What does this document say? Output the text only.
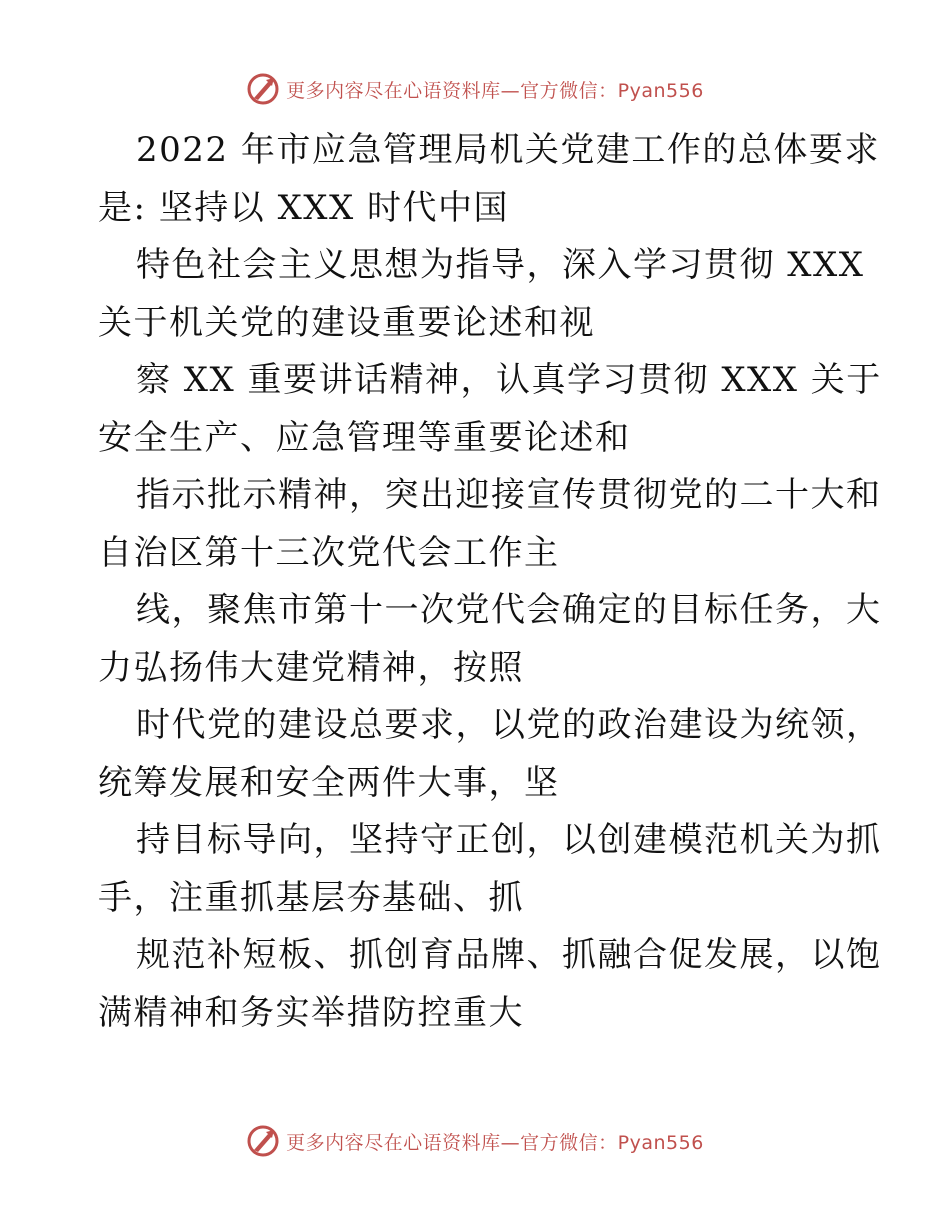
更多内容尽在心语资料库—官方微信：Pyan556
2022 年市应急管理局机关党建工作的总体要求
是: 坚持以 XXX 时代中国
特色社会主义思想为指导，深入学习贯彻 XXX
关于机关党的建设重要论述和视
察 XX 重要讲话精神，认真学习贯彻 XXX 关于
安全生产、应急管理等重要论述和
指示批示精神，突出迎接宣传贯彻党的二十大和
自治区第十三次党代会工作主
线，聚焦市第十一次党代会确定的目标任务，大
力弘扬伟大建党精神，按照
时代党的建设总要求，以党的政治建设为统领，
统筹发展和安全两件大事，坚
持目标导向，坚持守正创，以创建模范机关为抓
手，注重抓基层夯基础、抓
规范补短板、抓创育品牌、抓融合促发展，以饱
满精神和务实举措防控重大
更多内容尽在心语资料库—官方微信：Pyan556
